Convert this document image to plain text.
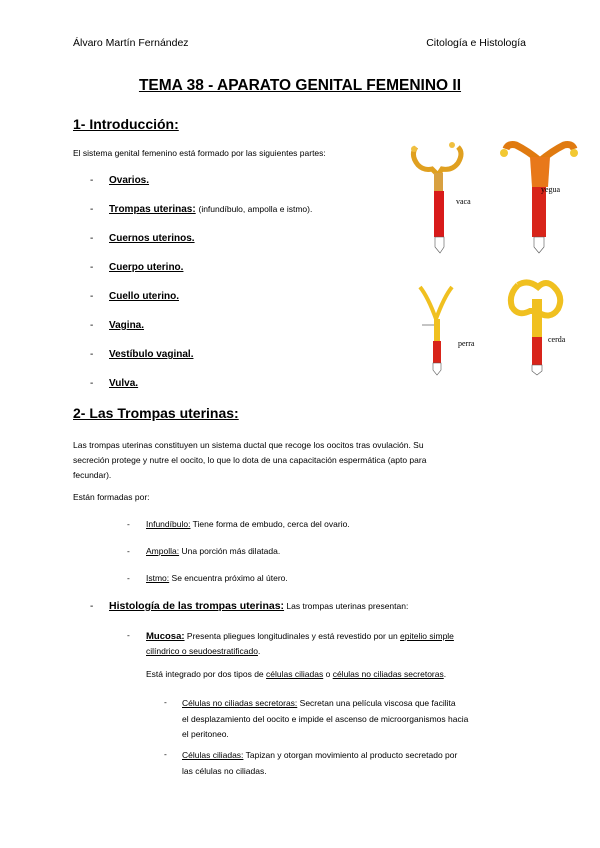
Álvaro Martín Fernández	Citología e Histología
TEMA 38 - APARATO GENITAL FEMENINO II
1- Introducción:
El sistema genital femenino está formado por las siguientes partes:
- Ovarios.
- Trompas uterinas: (infundíbulo, ampolla e istmo).
- Cuernos uterinos.
- Cuerpo uterino.
- Cuello uterino.
- Vagina.
- Vestíbulo vaginal.
- Vulva.
vaca
yegua
perra	cerda
2- Las Trompas uterinas:
Las trompas uterinas constituyen un sistema ductal que recoge los oocitos tras ovulación. Su
secreción protege y nutre el oocito, lo que lo dota de una capacitación espermática (apto para
fecundar).
Están formadas por:
- Infundíbulo: Tiene forma de embudo, cerca del ovario.
- Ampolla: Una porción más dilatada.
- Istmo: Se encuentra próximo al útero.
- Histología de las trompas uterinas: Las trompas uterinas presentan:
- Mucosa: Presenta pliegues longitudinales y está revestido por un epitelio simple
cilíndrico o seudoestratificado.
Está integrado por dos tipos de células ciliadas o células no ciliadas secretoras.
- Células no ciliadas secretoras: Secretan una película viscosa que facilita
el desplazamiento del oocito e impide el ascenso de microorganismos hacia
el peritoneo.
- Células ciliadas: Tapizan y otorgan movimiento al producto secretado por
las células no ciliadas.
